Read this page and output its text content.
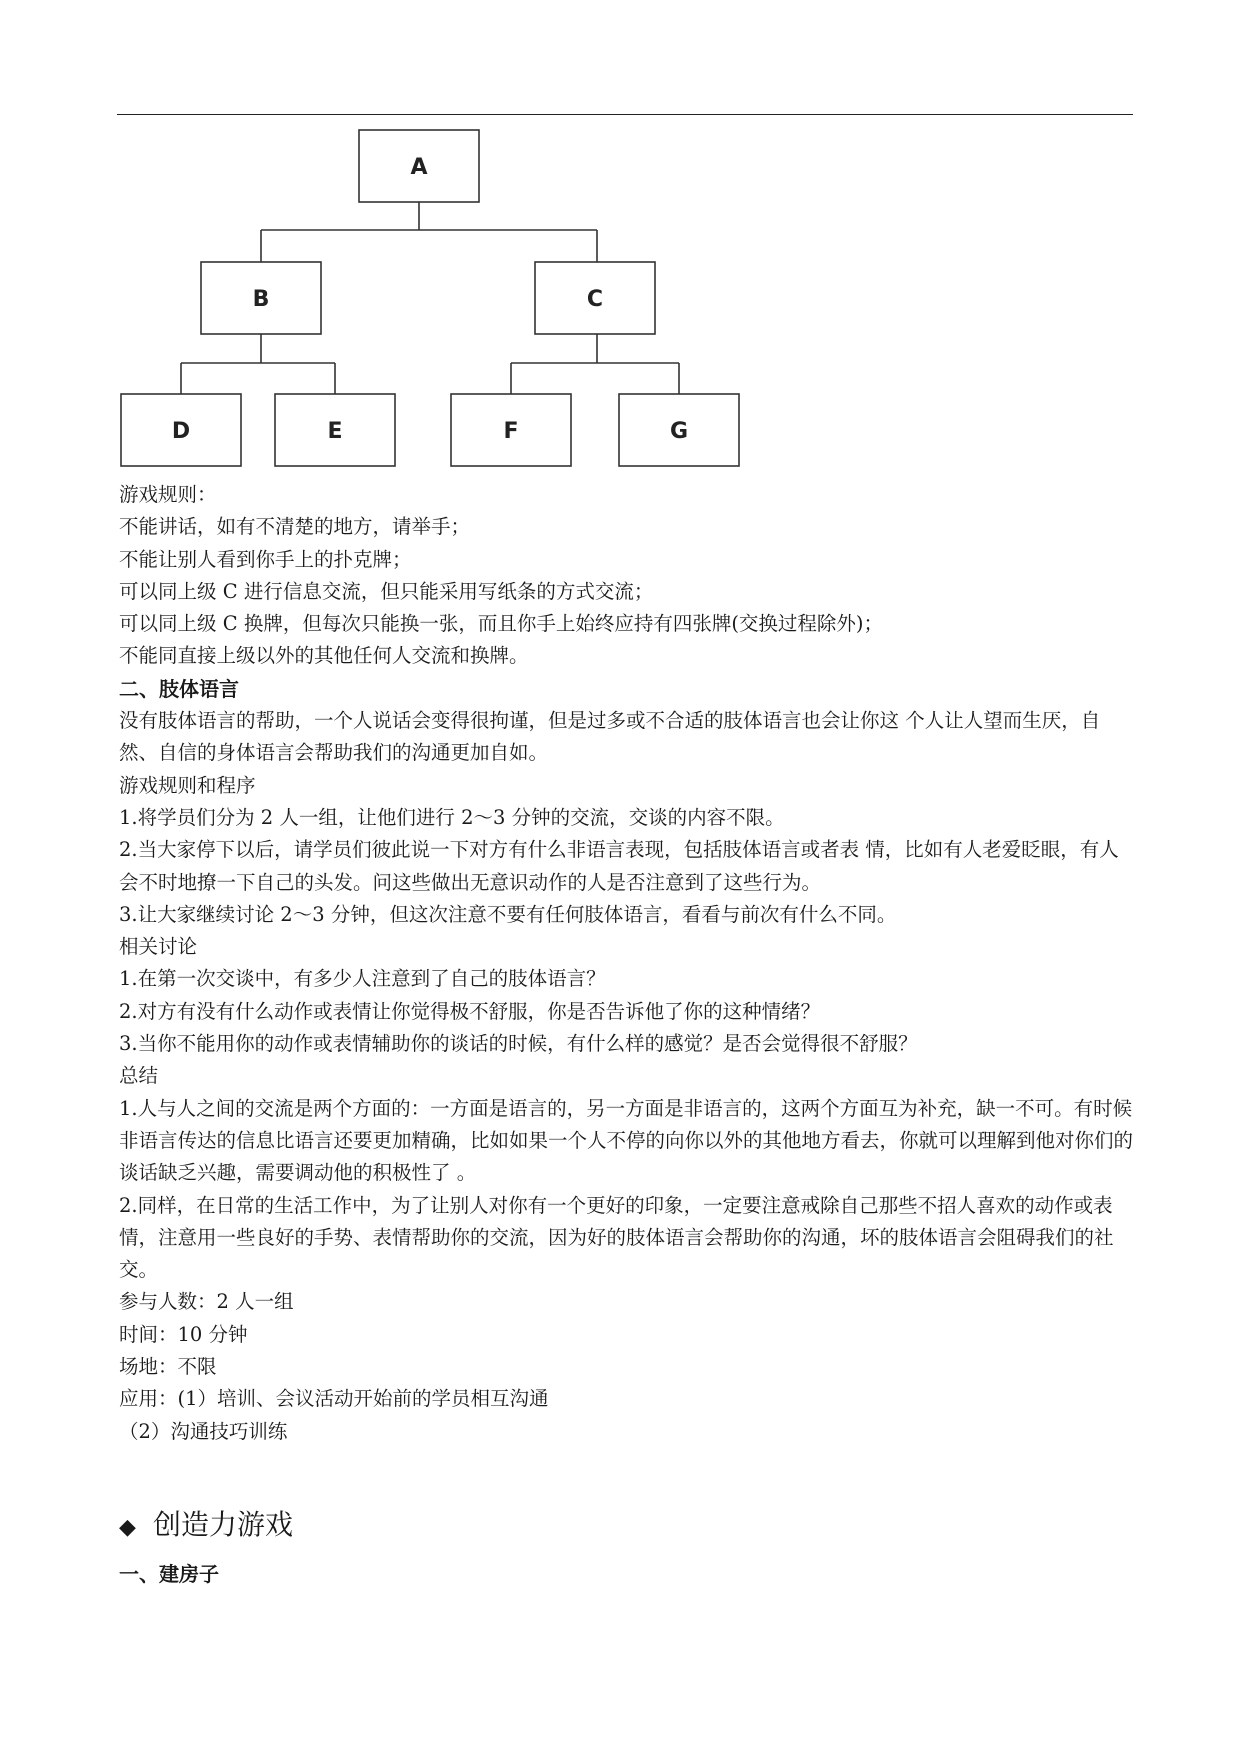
A
B	C
D	E	F	G

游戏规则：

不能讲话，如有不清楚的地方，请举手；

不能让别人看到你手上的扑克牌；

可以同上级 C 进行信息交流，但只能采用写纸条的方式交流；

可以同上级 C 换牌，但每次只能换一张，而且你手上始终应持有四张牌(交换过程除外)；

不能同直接上级以外的其他任何人交流和换牌。

二、肢体语言

没有肢体语言的帮助，一个人说话会变得很拘谨，但是过多或不合适的肢体语言也会让你这 个人让人望而生厌，自然、自信的身体语言会帮助我们的沟通更加自如。

游戏规则和程序

1.将学员们分为 2 人一组，让他们进行 2～3 分钟的交流，交谈的内容不限。

2.当大家停下以后，请学员们彼此说一下对方有什么非语言表现，包括肢体语言或者表 情，比如有人老爱眨眼，有人会不时地撩一下自己的头发。问这些做出无意识动作的人是否注意到了这些行为。

3.让大家继续讨论 2～3 分钟，但这次注意不要有任何肢体语言，看看与前次有什么不同。

相关讨论

1.在第一次交谈中，有多少人注意到了自己的肢体语言？

2.对方有没有什么动作或表情让你觉得极不舒服，你是否告诉他了你的这种情绪？

3.当你不能用你的动作或表情辅助你的谈话的时候，有什么样的感觉？是否会觉得很不舒服？

总结

1.人与人之间的交流是两个方面的：一方面是语言的，另一方面是非语言的，这两个方面互为补充，缺一不可。有时候非语言传达的信息比语言还要更加精确，比如如果一个人不停的向你以外的其他地方看去，你就可以理解到他对你们的谈话缺乏兴趣，需要调动他的积极性了 。

2.同样，在日常的生活工作中，为了让别人对你有一个更好的印象，一定要注意戒除自己那些不招人喜欢的动作或表情，注意用一些良好的手势、表情帮助你的交流，因为好的肢体语言会帮助你的沟通，坏的肢体语言会阻碍我们的社交。

参与人数：2 人一组

时间：10 分钟

场地：不限

应用：(1）培训、会议活动开始前的学员相互沟通

（2）沟通技巧训练

◆ 创造力游戏
一、建房子
